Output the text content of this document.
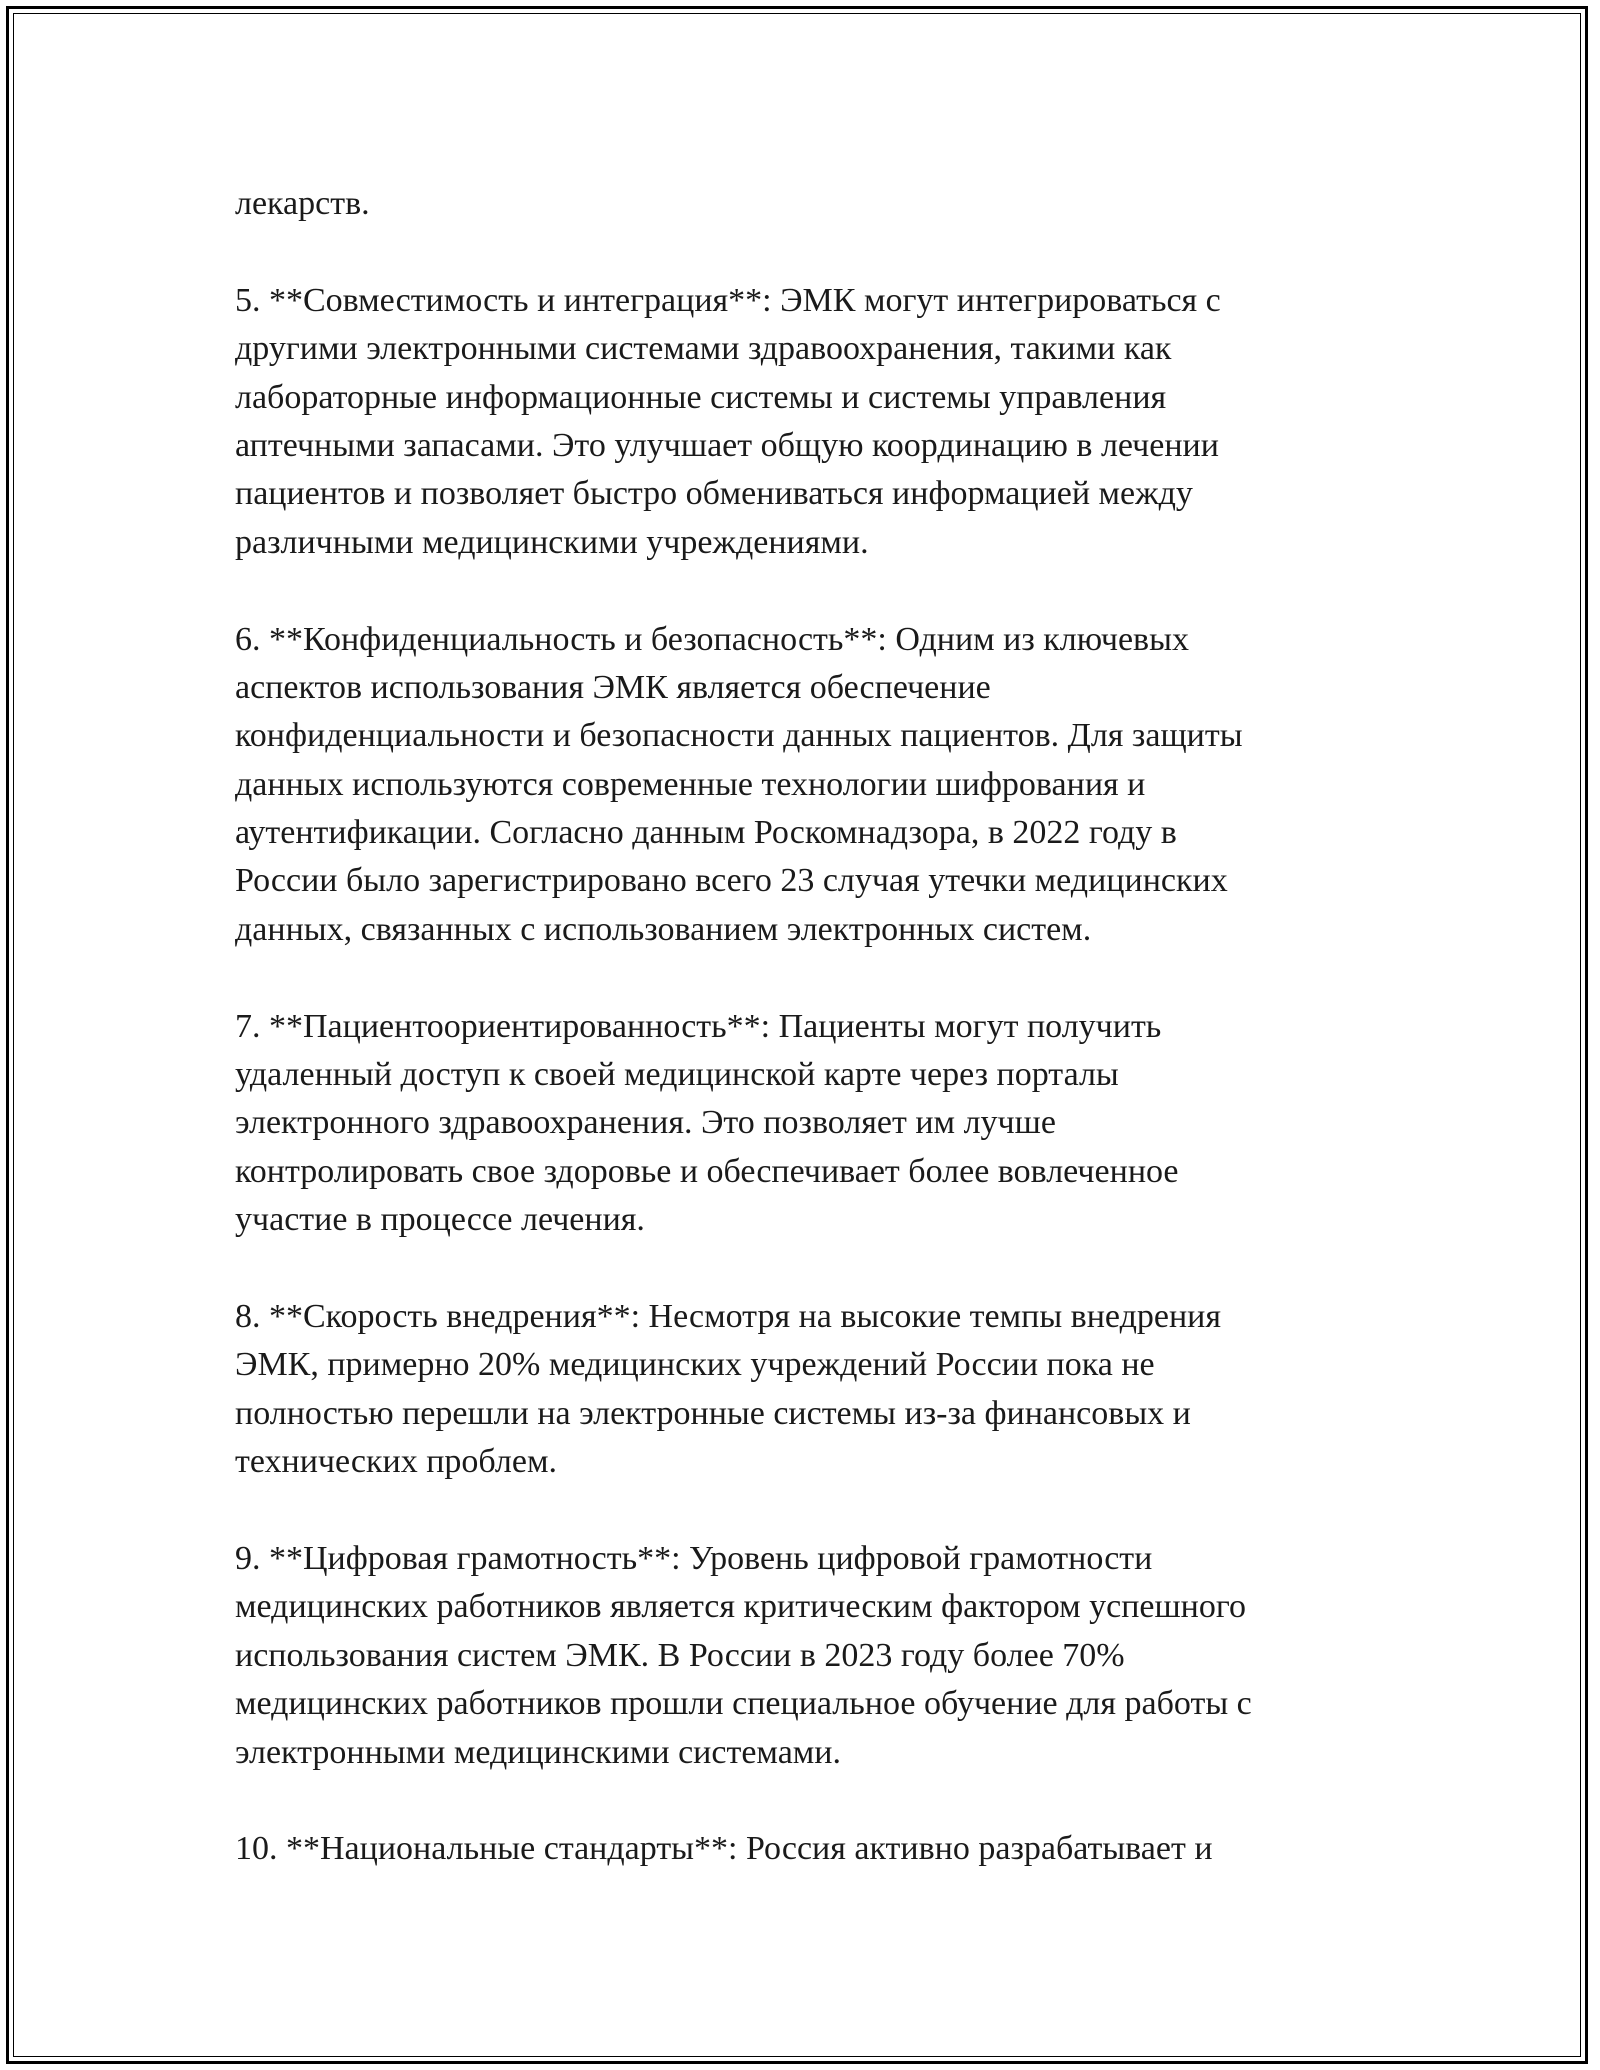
лекарств.
5. **Совместимость и интеграция**: ЭМК могут интегрироваться с
другими электронными системами здравоохранения, такими как
лабораторные информационные системы и системы управления
аптечными запасами. Это улучшает общую координацию в лечении
пациентов и позволяет быстро обмениваться информацией между
различными медицинскими учреждениями.
6. **Конфиденциальность и безопасность**: Одним из ключевых
аспектов использования ЭМК является обеспечение
конфиденциальности и безопасности данных пациентов. Для защиты
данных используются современные технологии шифрования и
аутентификации. Согласно данным Роскомнадзора, в 2022 году в
России было зарегистрировано всего 23 случая утечки медицинских
данных, связанных с использованием электронных систем.
7. **Пациентоориентированность**: Пациенты могут получить
удаленный доступ к своей медицинской карте через порталы
электронного здравоохранения. Это позволяет им лучше
контролировать свое здоровье и обеспечивает более вовлеченное
участие в процессе лечения.
8. **Скорость внедрения**: Несмотря на высокие темпы внедрения
ЭМК, примерно 20% медицинских учреждений России пока не
полностью перешли на электронные системы из-за финансовых и
технических проблем.
9. **Цифровая грамотность**: Уровень цифровой грамотности
медицинских работников является критическим фактором успешного
использования систем ЭМК. В России в 2023 году более 70%
медицинских работников прошли специальное обучение для работы с
электронными медицинскими системами.
10. **Национальные стандарты**: Россия активно разрабатывает и
